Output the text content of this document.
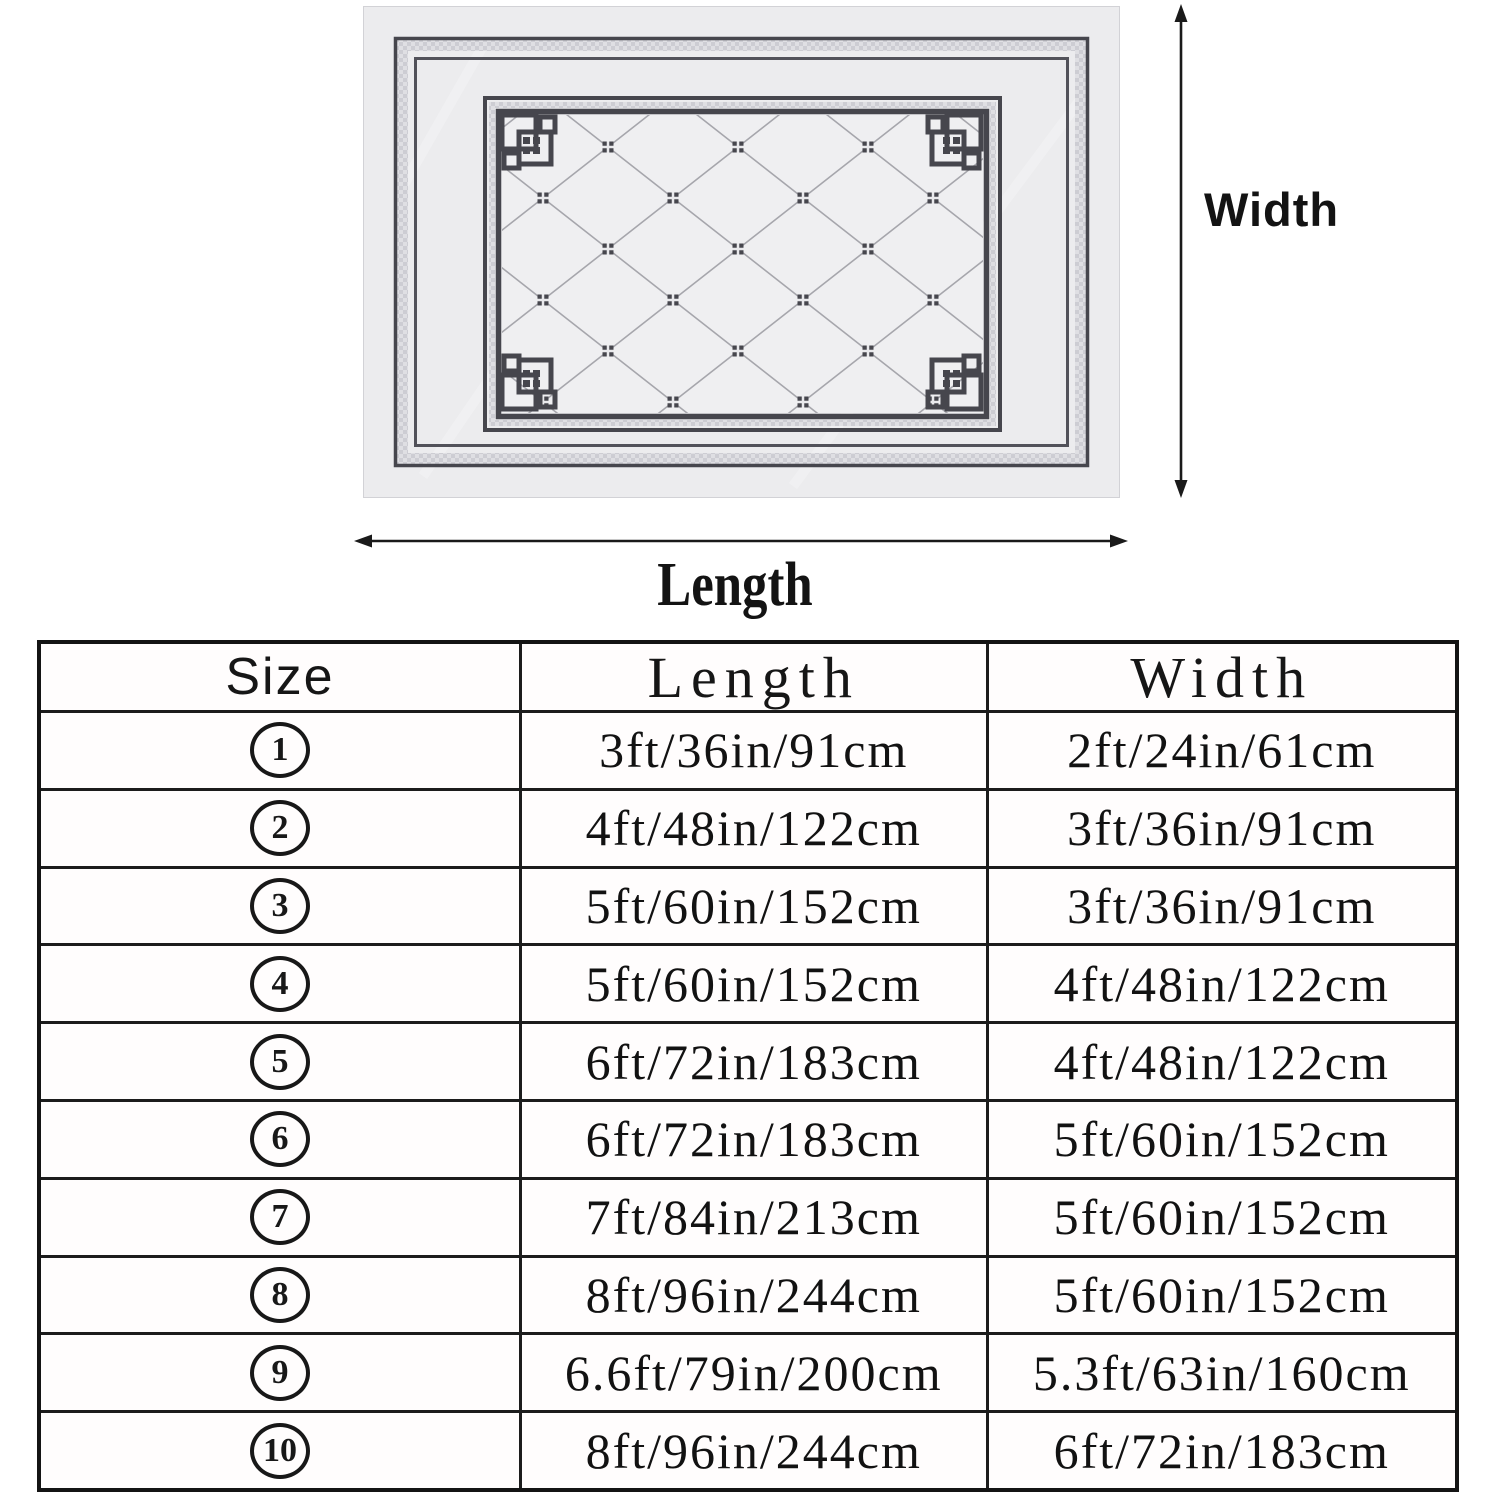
Width
Length
Size	Length	Width
1	3ft/36in/91cm	2ft/24in/61cm
2	4ft/48in/122cm	3ft/36in/91cm
3	5ft/60in/152cm	3ft/36in/91cm
4	5ft/60in/152cm	4ft/48in/122cm
5	6ft/72in/183cm	4ft/48in/122cm
6	6ft/72in/183cm	5ft/60in/152cm
7	7ft/84in/213cm	5ft/60in/152cm
8	8ft/96in/244cm	5ft/60in/152cm
9	6.6ft/79in/200cm 5.3ft/63in/160cm
10	8ft/96in/244cm	6ft/72in/183cm
